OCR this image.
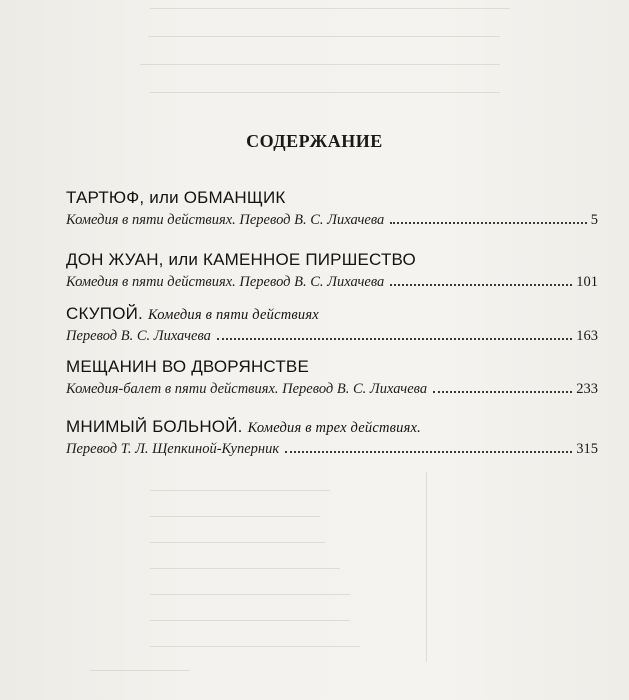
СОДЕРЖАНИЕ
ТАРТЮФ, или ОБМАНЩИК
Комедия в пяти действиях. Перевод В. С. Лихачева	5
ДОН ЖУАН, или КАМЕННОЕ ПИРШЕСТВО
Комедия в пяти действиях. Перевод В. С. Лихачева	101
СКУПОЙ. Комедия в пяти действиях
Перевод В. С. Лихачева	163
МЕЩАНИН ВО ДВОРЯНСТВЕ
Комедия-балет в пяти действиях. Перевод В. С. Лихачева	233
МНИМЫЙ БОЛЬНОЙ. Комедия в трех действиях.
Перевод Т. Л. Щепкиной-Куперник	315
